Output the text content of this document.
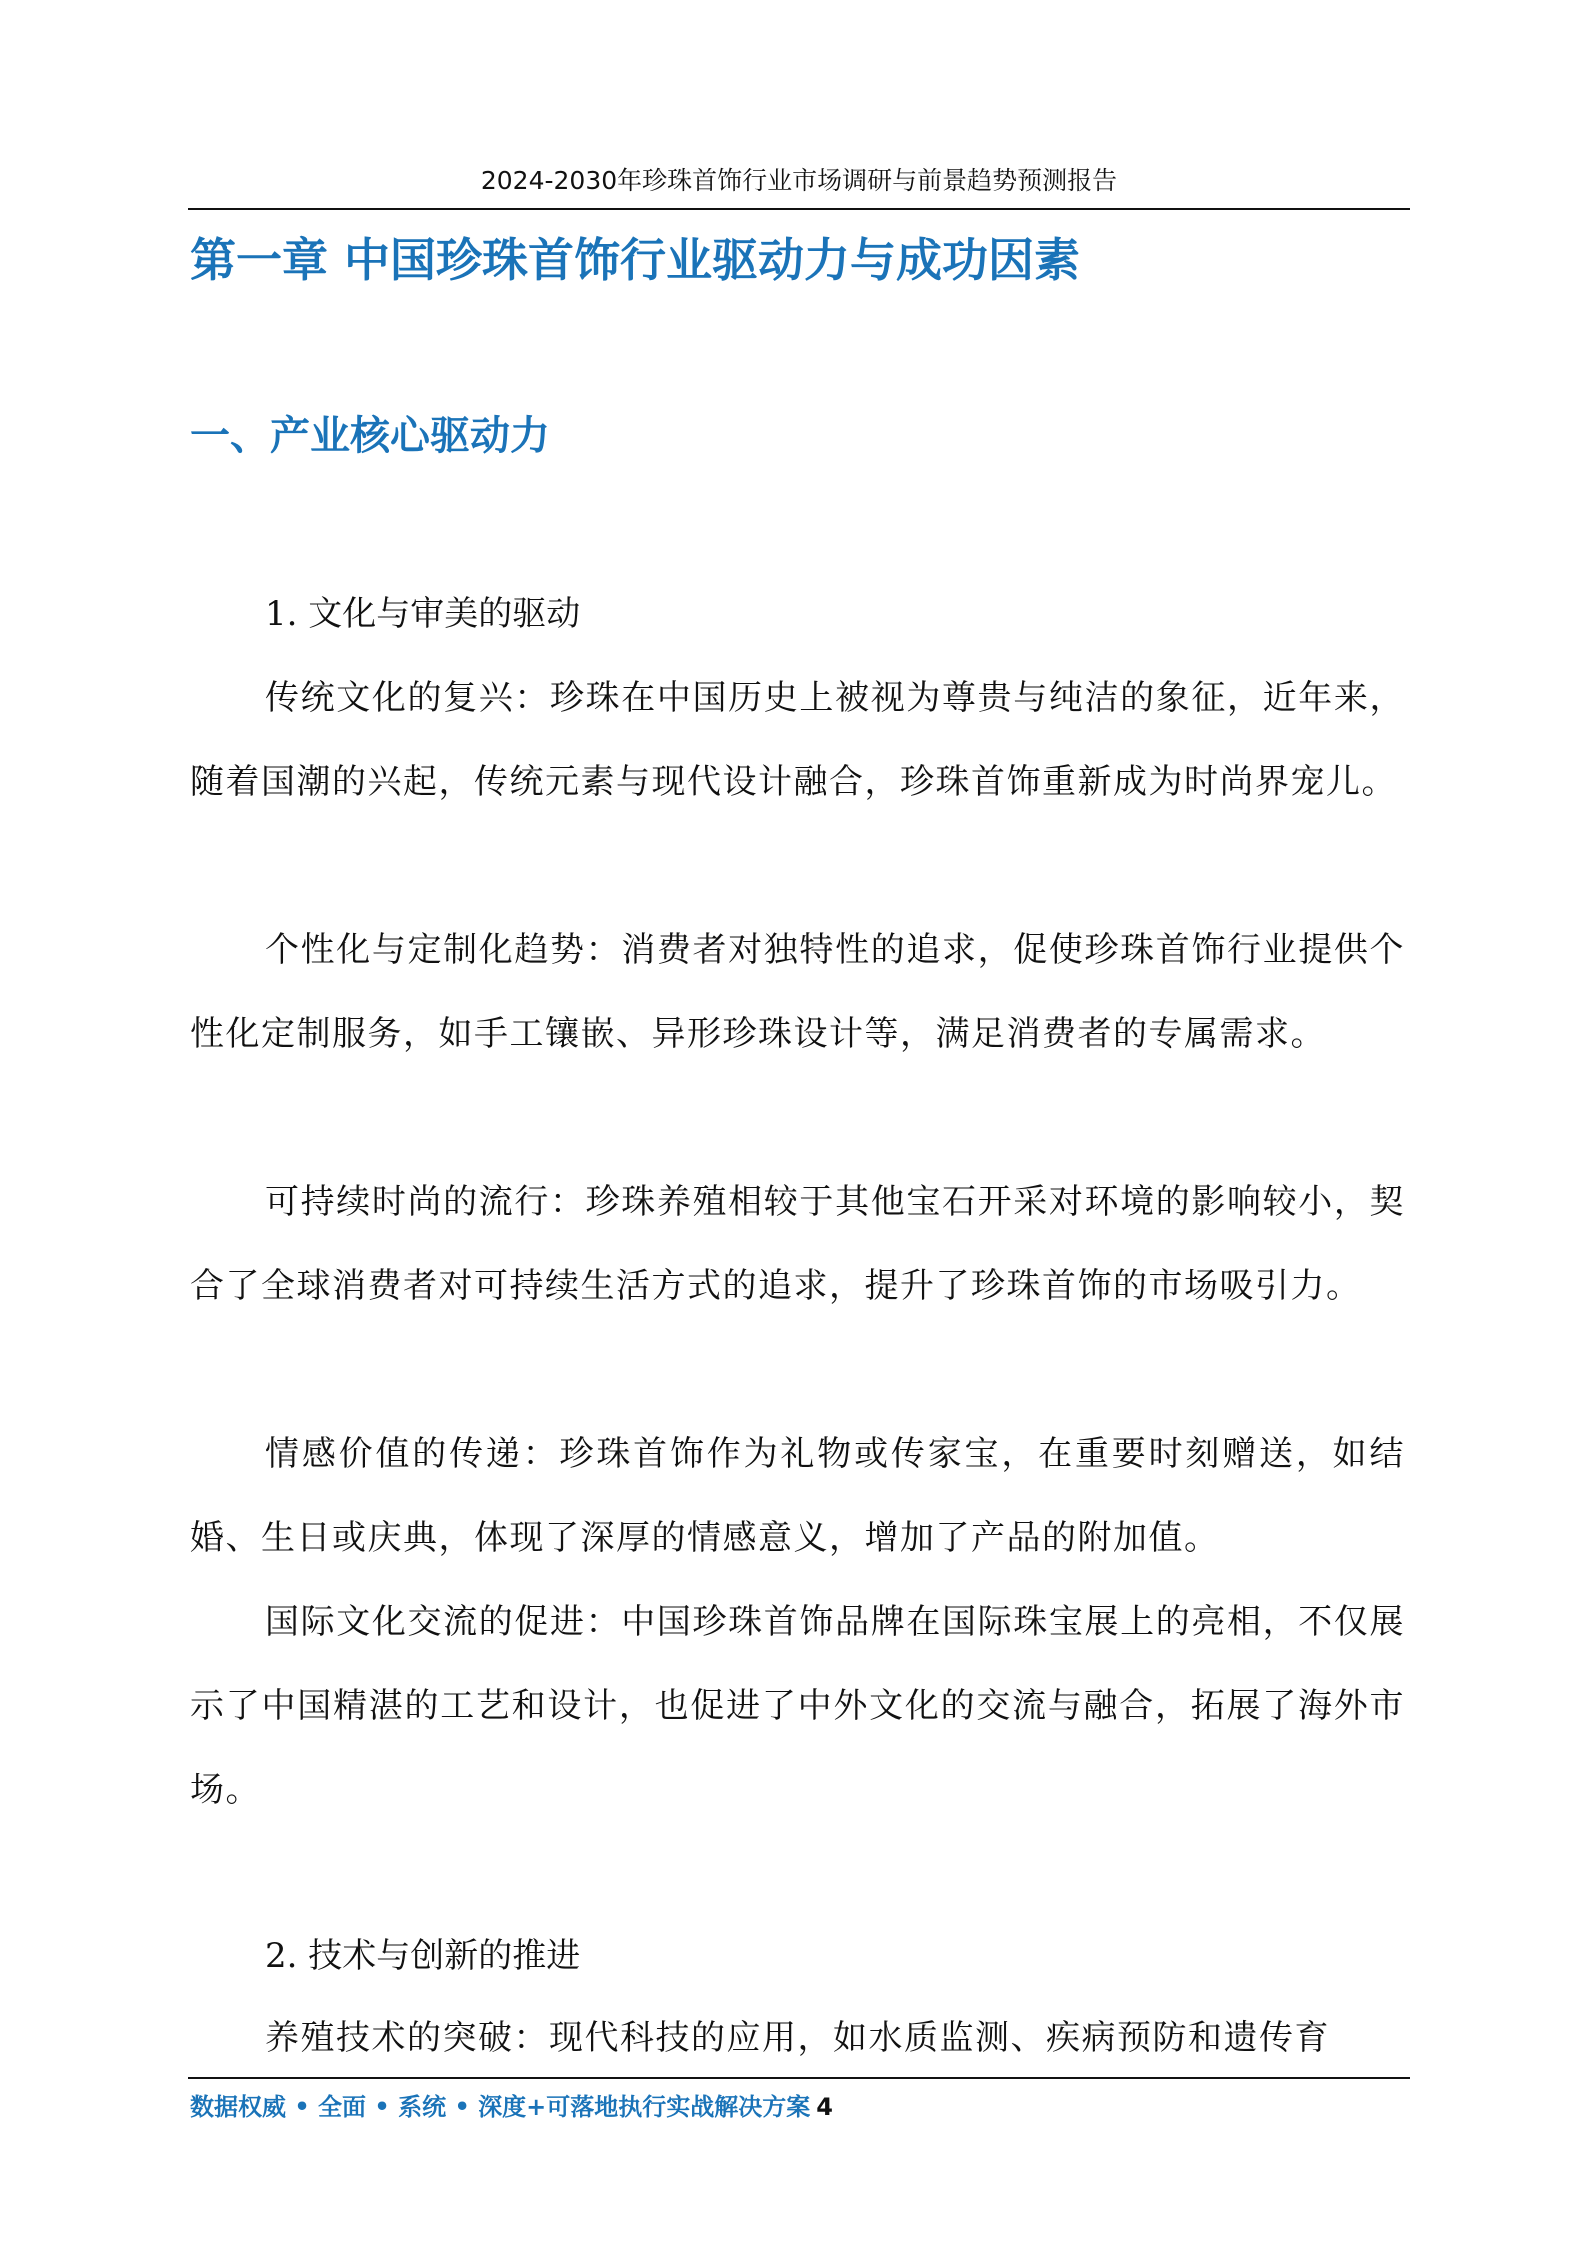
2024-2030年珍珠首饰行业市场调研与前景趋势预测报告
第一章 中国珍珠首饰行业驱动力与成功因素
一、产业核心驱动力

1. 文化与审美的驱动

传统文化的复兴：珍珠在中国历史上被视为尊贵与纯洁的象征，近年来，随着国潮的兴起，传统元素与现代设计融合，珍珠首饰重新成为时尚界宠儿。

个性化与定制化趋势：消费者对独特性的追求，促使珍珠首饰行业提供个性化定制服务，如手工镶嵌、异形珍珠设计等，满足消费者的专属需求。

可持续时尚的流行：珍珠养殖相较于其他宝石开采对环境的影响较小，契合了全球消费者对可持续生活方式的追求，提升了珍珠首饰的市场吸引力。

情感价值的传递：珍珠首饰作为礼物或传家宝，在重要时刻赠送，如结婚、生日或庆典，体现了深厚的情感意义，增加了产品的附加值。

国际文化交流的促进：中国珍珠首饰品牌在国际珠宝展上的亮相，不仅展示了中国精湛的工艺和设计，也促进了中外文化的交流与融合，拓展了海外市场。

2. 技术与创新的推进

养殖技术的突破：现代科技的应用，如水质监测、疾病预防和遗传育

数据权威 • 全面 • 系统 • 深度+可落地执行实战解决方案 4
